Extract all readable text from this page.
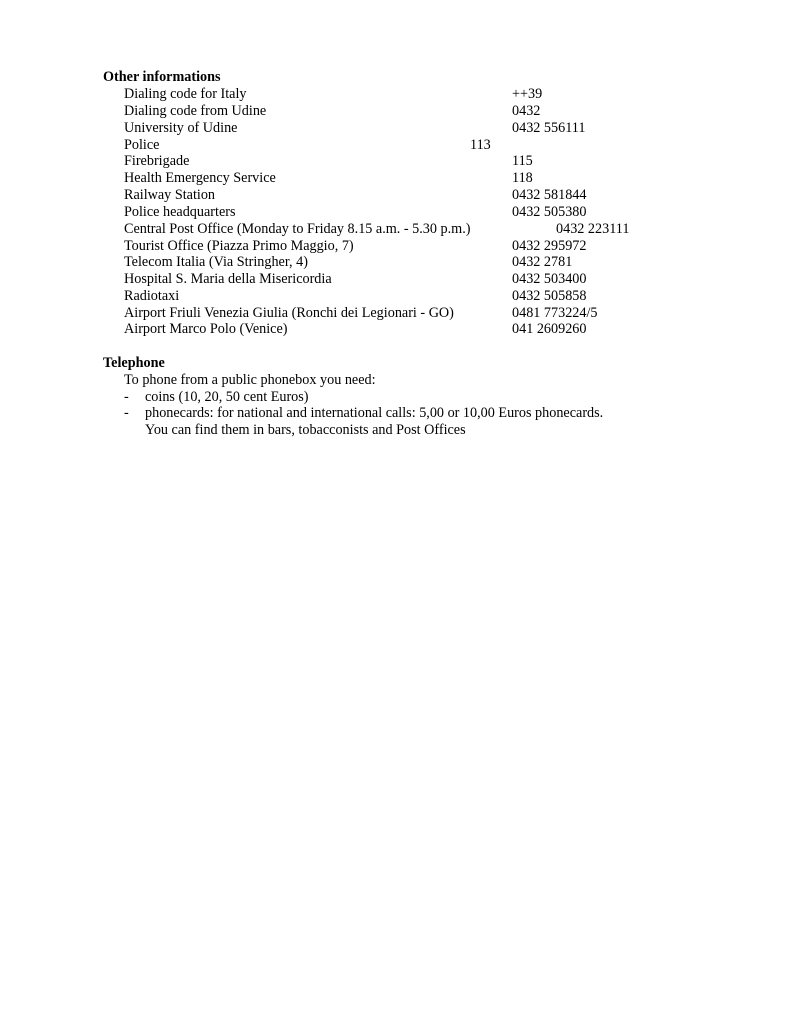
Other informations
Dialing code for Italy	++39
Dialing code from Udine	0432
University of Udine	0432 556111
Police	113
Firebrigade	115
Health Emergency Service	118
Railway Station	0432 581844
Police headquarters	0432 505380
Central Post Office (Monday to Friday 8.15 a.m. - 5.30 p.m.)	0432 223111
Tourist Office (Piazza Primo Maggio, 7)	0432 295972
Telecom Italia (Via Stringher, 4)	0432 2781
Hospital S. Maria della Misericordia	0432 503400
Radiotaxi	0432 505858
Airport Friuli Venezia Giulia (Ronchi dei Legionari - GO)	0481 773224/5
Airport Marco Polo (Venice)	041 2609260
Telephone
To phone from a public phonebox you need:
- coins (10, 20, 50 cent Euros)
- phonecards: for national and international calls: 5,00 or 10,00 Euros phonecards.
You can find them in bars, tobacconists and Post Offices
